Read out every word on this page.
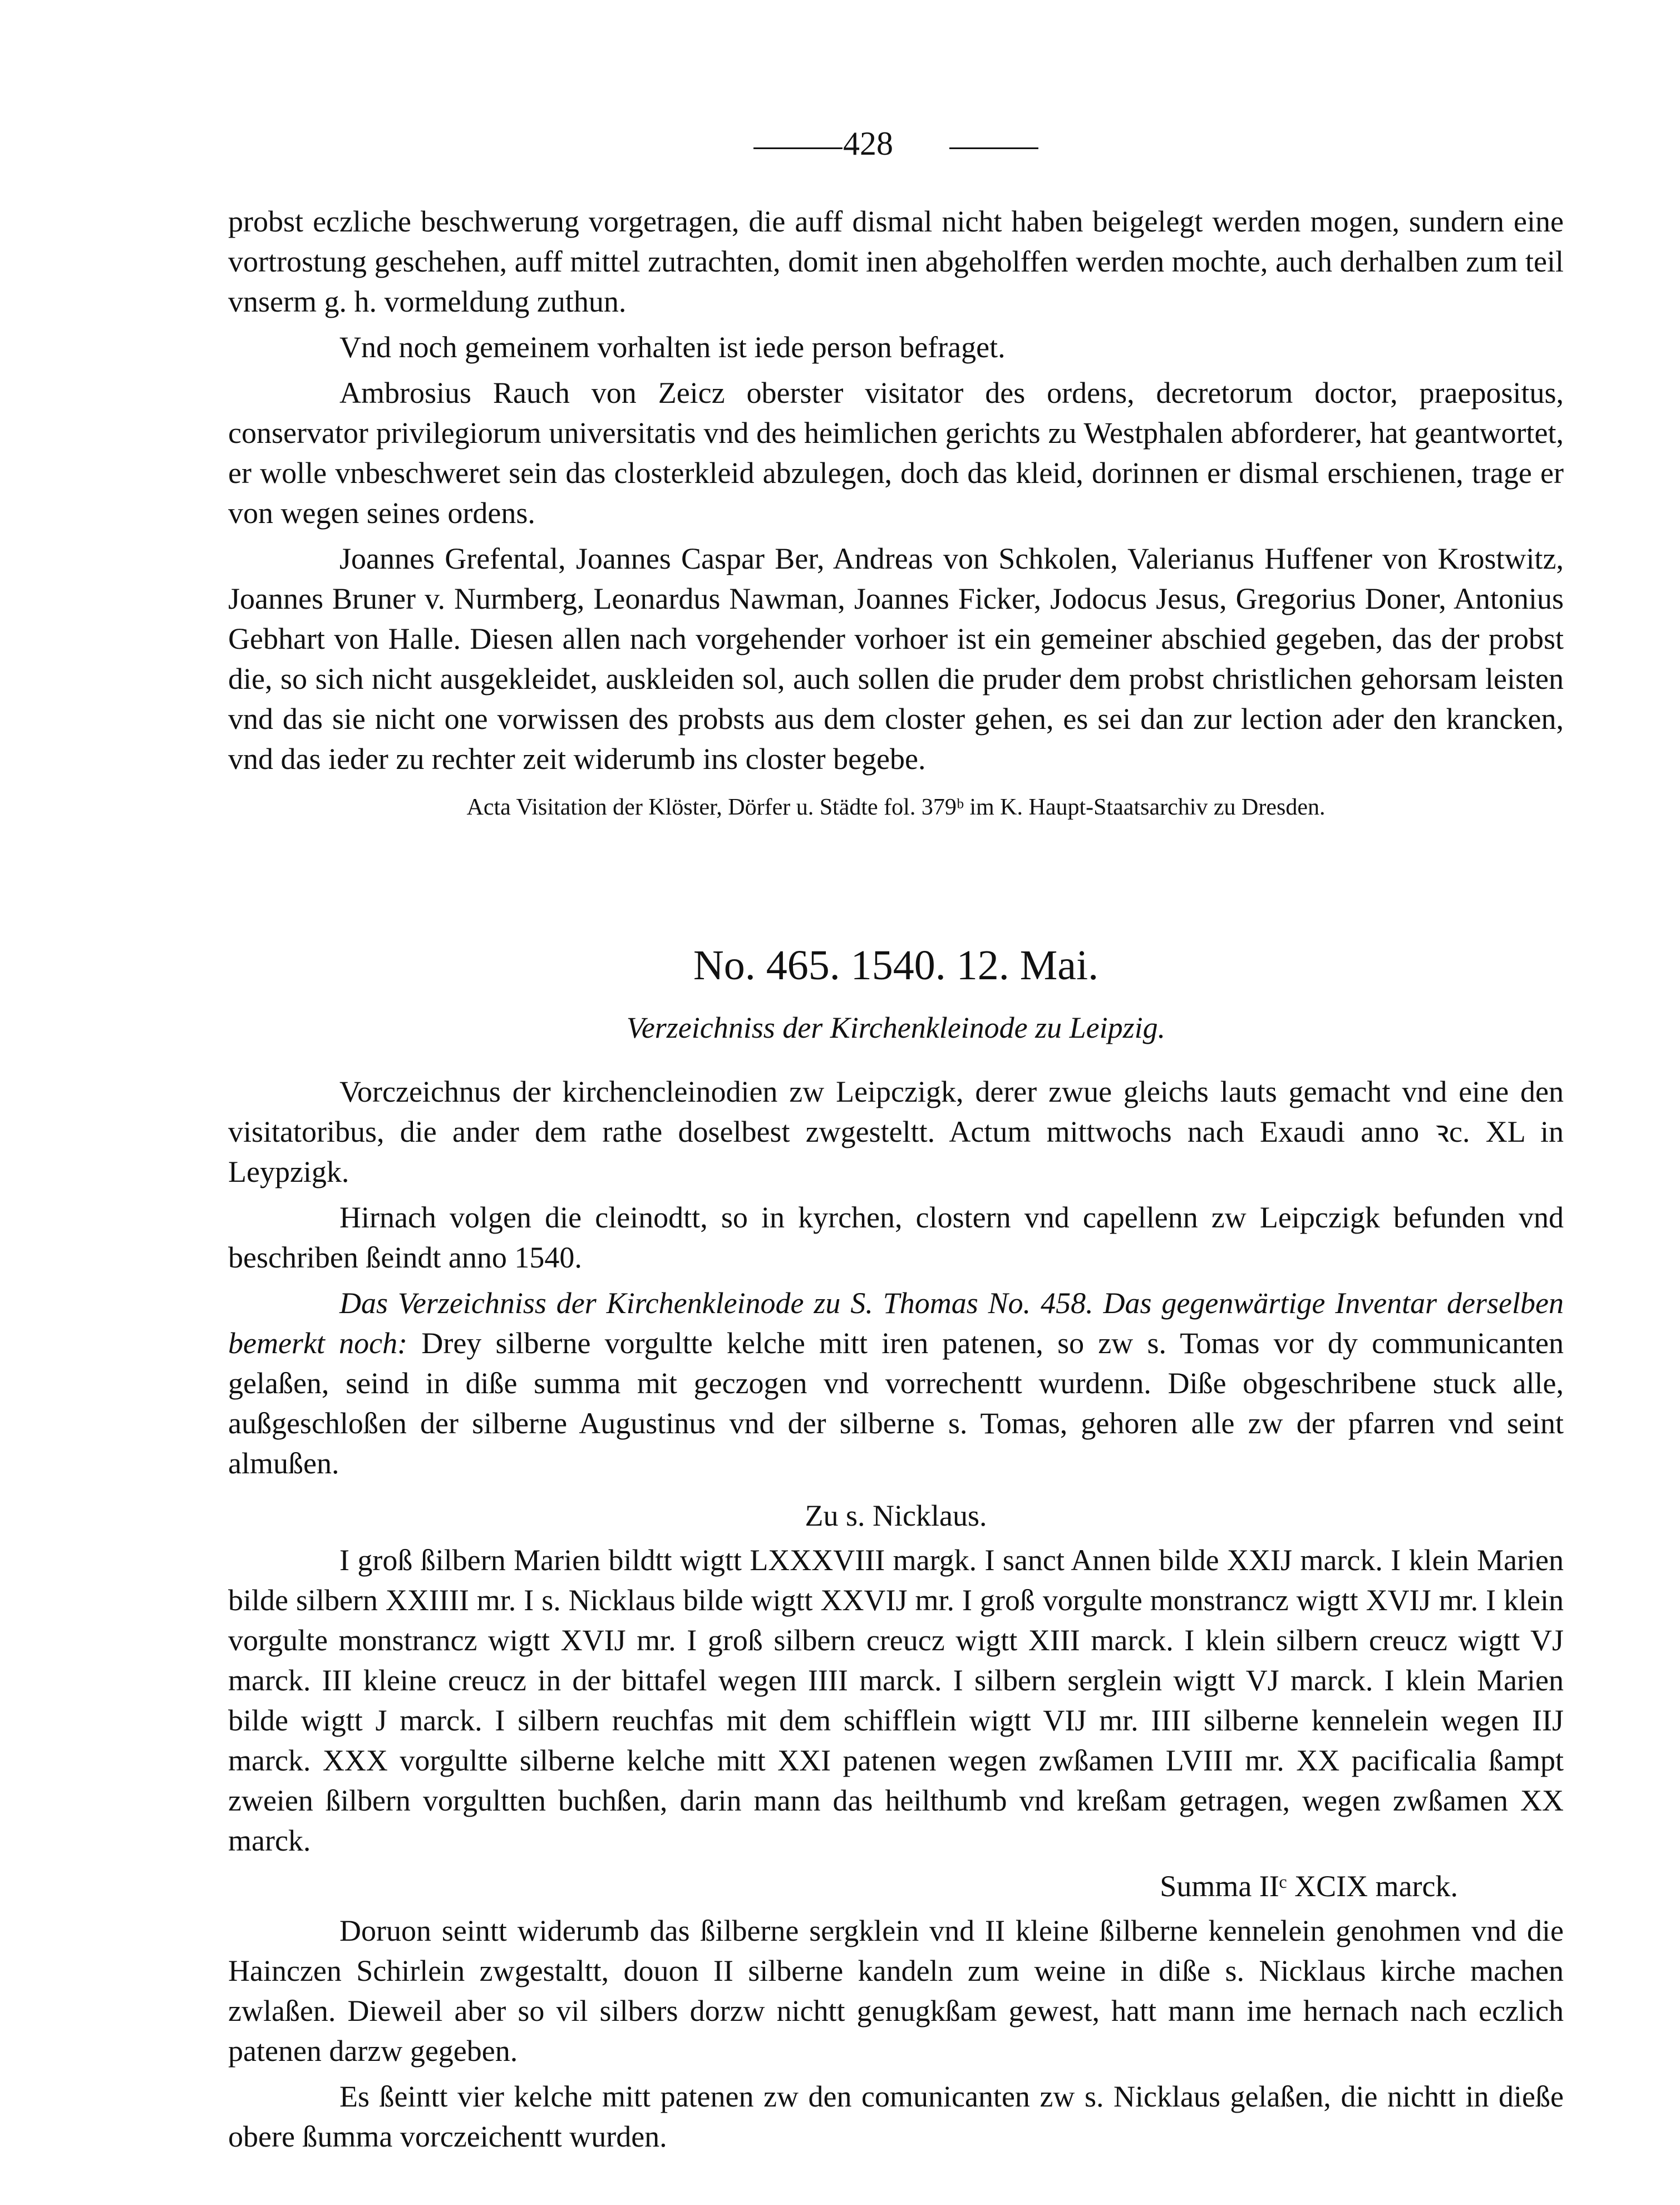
428

probst eczliche beschwerung vorgetragen, die auff dismal nicht haben beigelegt werden mogen, sundern eine vortrostung geschehen, auff mittel zutrachten, domit inen abgeholffen werden mochte, auch derhalben zum teil vnserm g. h. vormeldung zuthun.

Vnd noch gemeinem vorhalten ist iede person befraget.

Ambrosius Rauch von Zeicz oberster visitator des ordens, decretorum doctor, praepositus, conservator privilegiorum universitatis vnd des heimlichen gerichts zu Westphalen abforderer, hat geantwortet, er wolle vnbeschweret sein das closterkleid abzulegen, doch das kleid, dorinnen er dismal erschienen, trage er von wegen seines ordens.

Joannes Grefental, Joannes Caspar Ber, Andreas von Schkolen, Valerianus Huffener von Krostwitz, Joannes Bruner v. Nurmberg, Leonardus Nawman, Joannes Ficker, Jodocus Jesus, Gregorius Doner, Antonius Gebhart von Halle. Diesen allen nach vorgehender vorhoer ist ein gemeiner abschied gegeben, das der probst die, so sich nicht ausgekleidet, auskleiden sol, auch sollen die pruder dem probst christlichen gehorsam leisten vnd das sie nicht one vorwissen des probsts aus dem closter gehen, es sei dan zur lection ader den krancken, vnd das ieder zu rechter zeit widerumb ins closter begebe.

Acta Visitation der Klöster, Dörfer u. Städte fol. 379ᵇ im K. Haupt-Staatsarchiv zu Dresden.
No. 465. 1540. 12. Mai.
Verzeichniss der Kirchenkleinode zu Leipzig.

Vorczeichnus der kirchencleinodien zw Leipczigk, derer zwue gleichs lauts gemacht vnd eine den visitatoribus, die ander dem rathe doselbest zwgesteltt. Actum mittwochs nach Exaudi anno ꝛc. XL in Leypzigk.

Hirnach volgen die cleinodtt, so in kyrchen, clostern vnd capellenn zw Leipczigk befunden vnd beschriben ßeindt anno 1540.

Das Verzeichniss der Kirchenkleinode zu S. Thomas No. 458. Das gegenwärtige Inventar derselben bemerkt noch: Drey silberne vorgultte kelche mitt iren patenen, so zw s. Tomas vor dy communicanten gelaßen, seind in diße summa mit geczogen vnd vorrechentt wurdenn. Diße obgeschribene stuck alle, außgeschloßen der silberne Augustinus vnd der silberne s. Tomas, gehoren alle zw der pfarren vnd seint almußen.

Zu s. Nicklaus.

I groß ßilbern Marien bildtt wigtt LXXXVIII margk. I sanct Annen bilde XXIJ marck. I klein Marien bilde silbern XXIIII mr. I s. Nicklaus bilde wigtt XXVIJ mr. I groß vorgulte monstrancz wigtt XVIJ mr. I klein vorgulte monstrancz wigtt XVIJ mr. I groß silbern creucz wigtt XIII marck. I klein silbern creucz wigtt VJ marck. III kleine creucz in der bittafel wegen IIII marck. I silbern serglein wigtt VJ marck. I klein Marien bilde wigtt J marck. I silbern reuchfas mit dem schifflein wigtt VIJ mr. IIII silberne kennelein wegen IIJ marck. XXX vorgultte silberne kelche mitt XXI patenen wegen zwßamen LVIII mr. XX pacificalia ßampt zweien ßilbern vorgultten buchßen, darin mann das heilthumb vnd kreßam getragen, wegen zwßamen XX marck.

Summa IIᶜ XCIX marck.

Doruon seintt widerumb das ßilberne sergklein vnd II kleine ßilberne kennelein genohmen vnd die Hainczen Schirlein zwgestaltt, douon II silberne kandeln zum weine in diße s. Nicklaus kirche machen zwlaßen. Dieweil aber so vil silbers dorzw nichtt genugkßam gewest, hatt mann ime hernach nach eczlich patenen darzw gegeben.

Es ßeintt vier kelche mitt patenen zw den comunicanten zw s. Nicklaus gelaßen, die nichtt in dieße obere ßumma vorczeichentt wurden.
